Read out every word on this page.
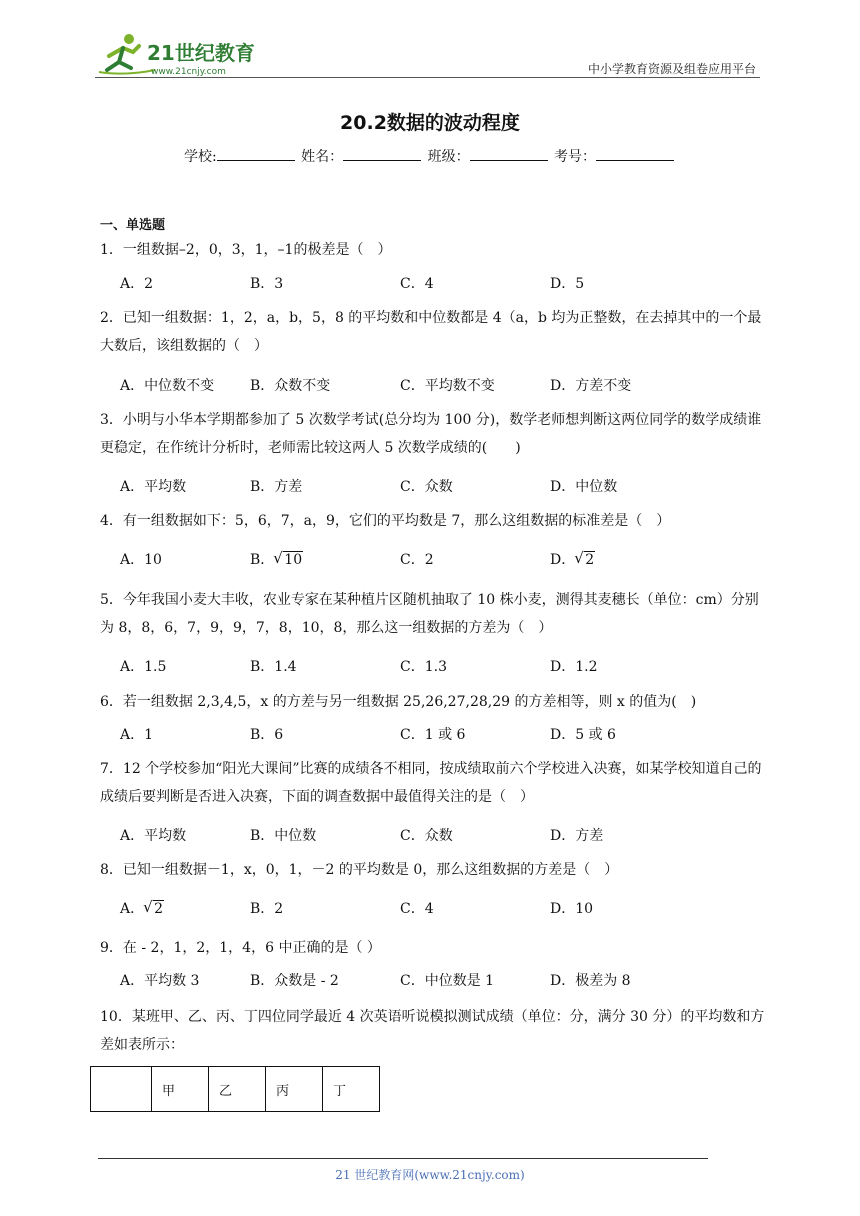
21世纪教育
www.21cnjy.com	中小学教育资源及组卷应用平台
20.2数据的波动程度
学校:	姓名：	班级：	考号：
一、单选题
1．一组数据–2，0，3，1，–1的极差是（　）
A．2	B．3	C．4	D．5
2．已知一组数据：1，2，a，b，5，8 的平均数和中位数都是 4（a，b 均为正整数，在去掉其中的一个最大数后，该组数据的（　）
A．中位数不变	B．众数不变	C．平均数不变	D．方差不变
3．小明与小华本学期都参加了 5 次数学考试(总分均为 100 分)，数学老师想判断这两位同学的数学成绩谁更稳定，在作统计分析时，老师需比较这两人 5 次数学成绩的(　　)
A．平均数	B．方差	C．众数	D．中位数
4．有一组数据如下：5，6，7，a，9，它们的平均数是 7，那么这组数据的标准差是（　）
A．10	B． √ 10	C．2	D． √ 2
5．今年我国小麦大丰收，农业专家在某种植片区随机抽取了 10 株小麦，测得其麦穗长（单位：cm）分别为 8，8，6，7，9，9，7，8，10，8，那么这一组数据的方差为（　）
A．1.5	B．1.4	C．1.3	D．1.2
6．若一组数据 2,3,4,5，x 的方差与另一组数据 25,26,27,28,29 的方差相等，则 x 的值为(　)
A．1	B．6	C．1 或 6	D．5 或 6
7．12 个学校参加“阳光大课间”比赛的成绩各不相同，按成绩取前六个学校进入决赛，如某学校知道自己的成绩后要判断是否进入决赛，下面的调查数据中最值得关注的是（　）
A．平均数	B．中位数	C．众数	D．方差
8．已知一组数据－1，x，0，1，－2 的平均数是 0，那么这组数据的方差是（　）
A． √ 2	B．2	C．4	D．10
9．在 - 2，1，2，1，4，6 中正确的是（ ）
A．平均数 3	B．众数是 - 2	C．中位数是 1	D．极差为 8
10．某班甲、乙、丙、丁四位同学最近 4 次英语听说模拟测试成绩（单位：分，满分 30 分）的平均数和方差如表所示：
	甲	乙	丙	丁
21 世纪教育网(www.21cnjy.com)
